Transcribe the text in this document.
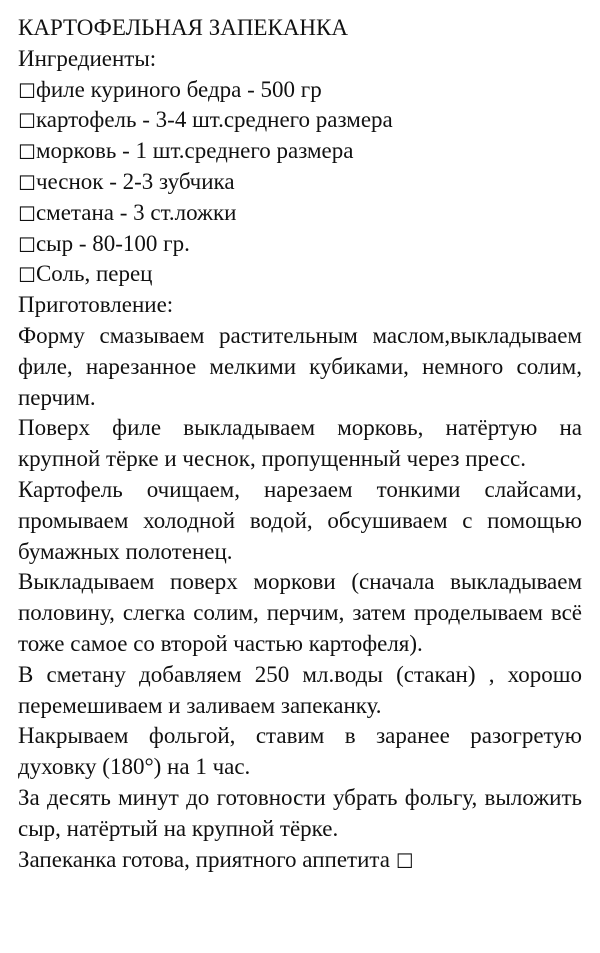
КАРТОФЕЛЬНАЯ ЗАПЕКАНКА
Ингредиенты:
☐филе куриного бедра - 500 гр
☐картофель - 3-4 шт.среднего размера
☐морковь - 1 шт.среднего размера
☐чеснок - 2-3 зубчика
☐сметана - 3 ст.ложки
☐сыр - 80-100 гр.
☐Соль, перец
Приготовление:

Форму смазываем растительным маслом,выкладываем филе, нарезанное мелкими кубиками, немного солим, перчим.

Поверх филе выкладываем морковь, натёртую на крупной тёрке и чеснок, пропущенный через пресс.

Картофель очищаем, нарезаем тонкими слайсами, промываем холодной водой, обсушиваем с помощью бумажных полотенец.

Выкладываем поверх моркови (сначала выкладываем половину, слегка солим, перчим, затем проделываем всё тоже самое со второй частью картофеля).

В сметану добавляем 250 мл.воды (стакан) , хорошо перемешиваем и заливаем запеканку.

Накрываем фольгой, ставим в заранее разогретую духовку (180°) на 1 час.

За десять минут до готовности убрать фольгу, выложить сыр, натёртый на крупной тёрке.

Запеканка готова, приятного аппетита ☐
